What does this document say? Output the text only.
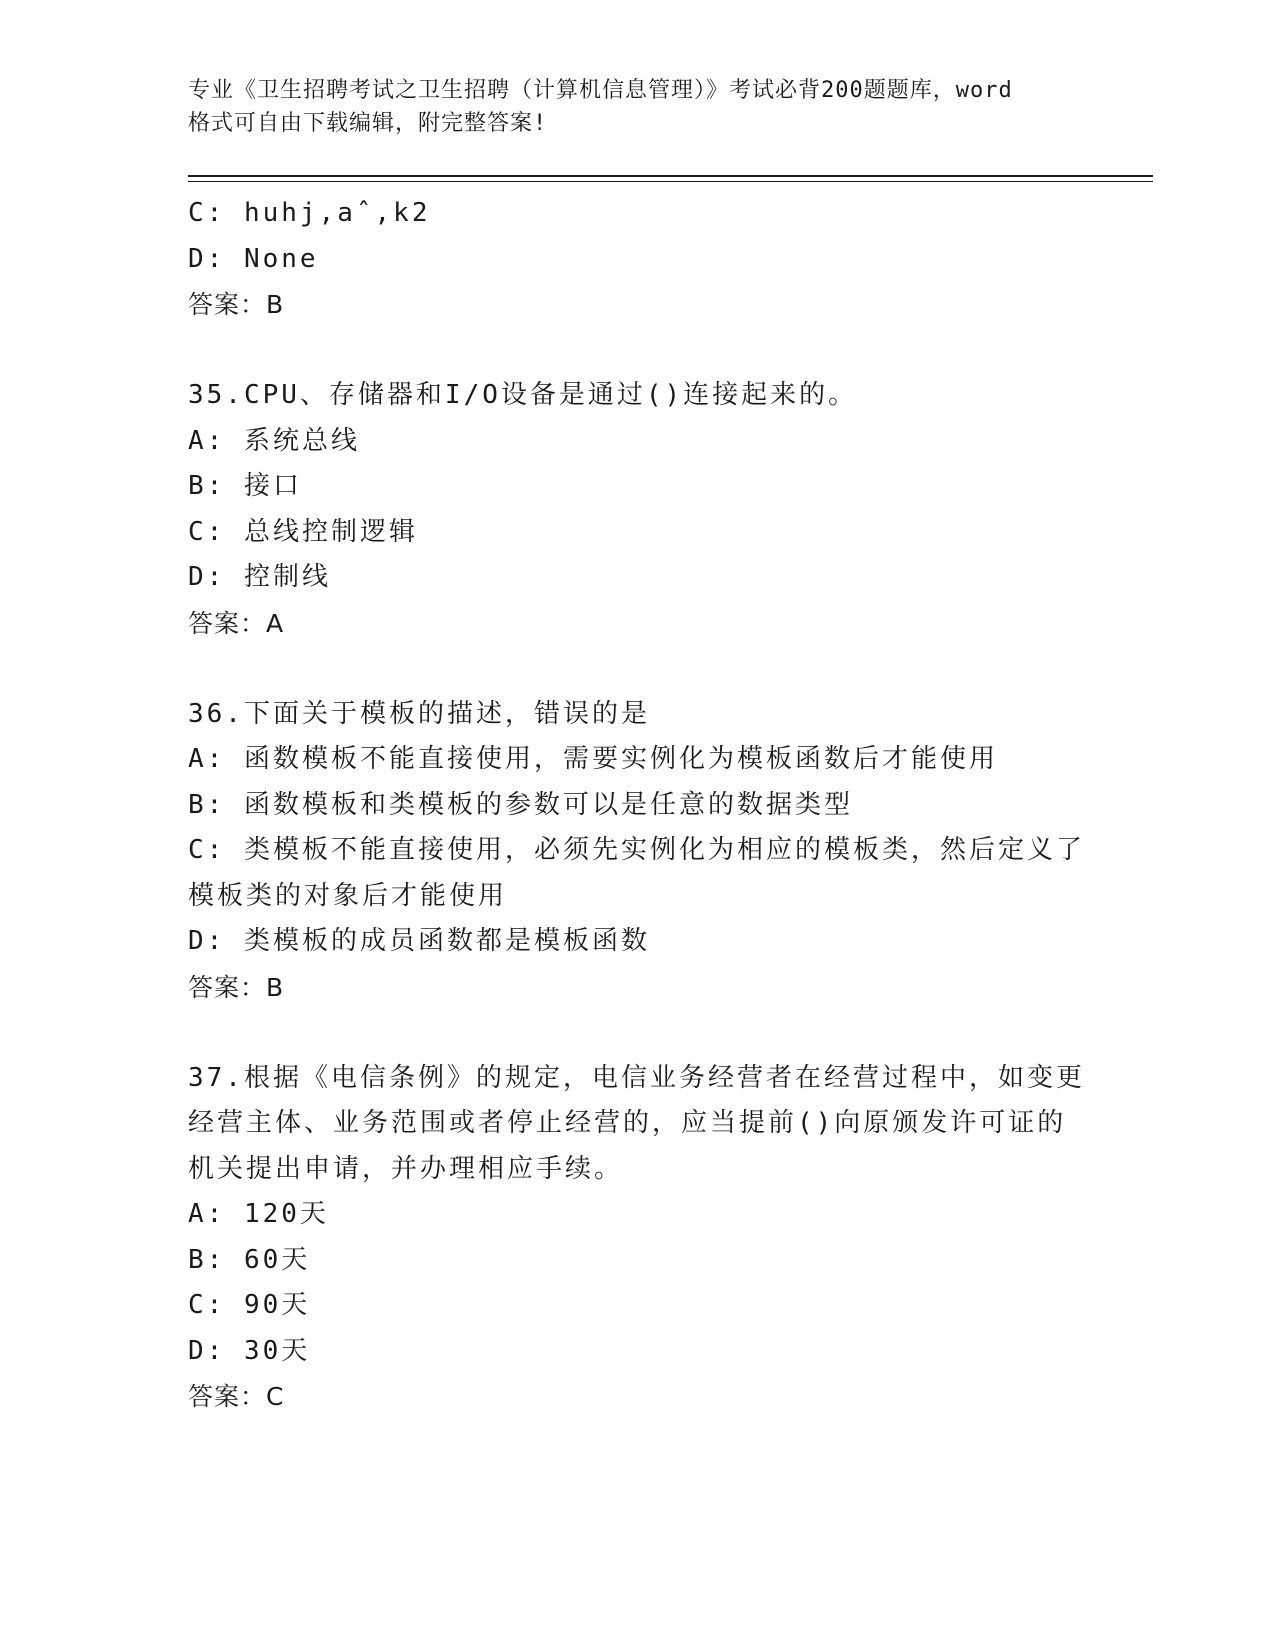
专业《卫生招聘考试之卫生招聘（计算机信息管理）》考试必背200题题库，word
格式可自由下载编辑，附完整答案!
C: huhj,aˆ,k2
D: None
答案：B
35.CPU、存储器和I/O设备是通过()连接起来的。
A: 系统总线
B: 接口
C: 总线控制逻辑
D: 控制线
答案：A
36.下面关于模板的描述，错误的是
A: 函数模板不能直接使用，需要实例化为模板函数后才能使用
B: 函数模板和类模板的参数可以是任意的数据类型
C: 类模板不能直接使用，必须先实例化为相应的模板类，然后定义了
模板类的对象后才能使用
D: 类模板的成员函数都是模板函数
答案：B
37.根据《电信条例》的规定，电信业务经营者在经营过程中，如变更
经营主体、业务范围或者停止经营的，应当提前()向原颁发许可证的
机关提出申请，并办理相应手续。
A: 120天
B: 60天
C: 90天
D: 30天
答案：C
